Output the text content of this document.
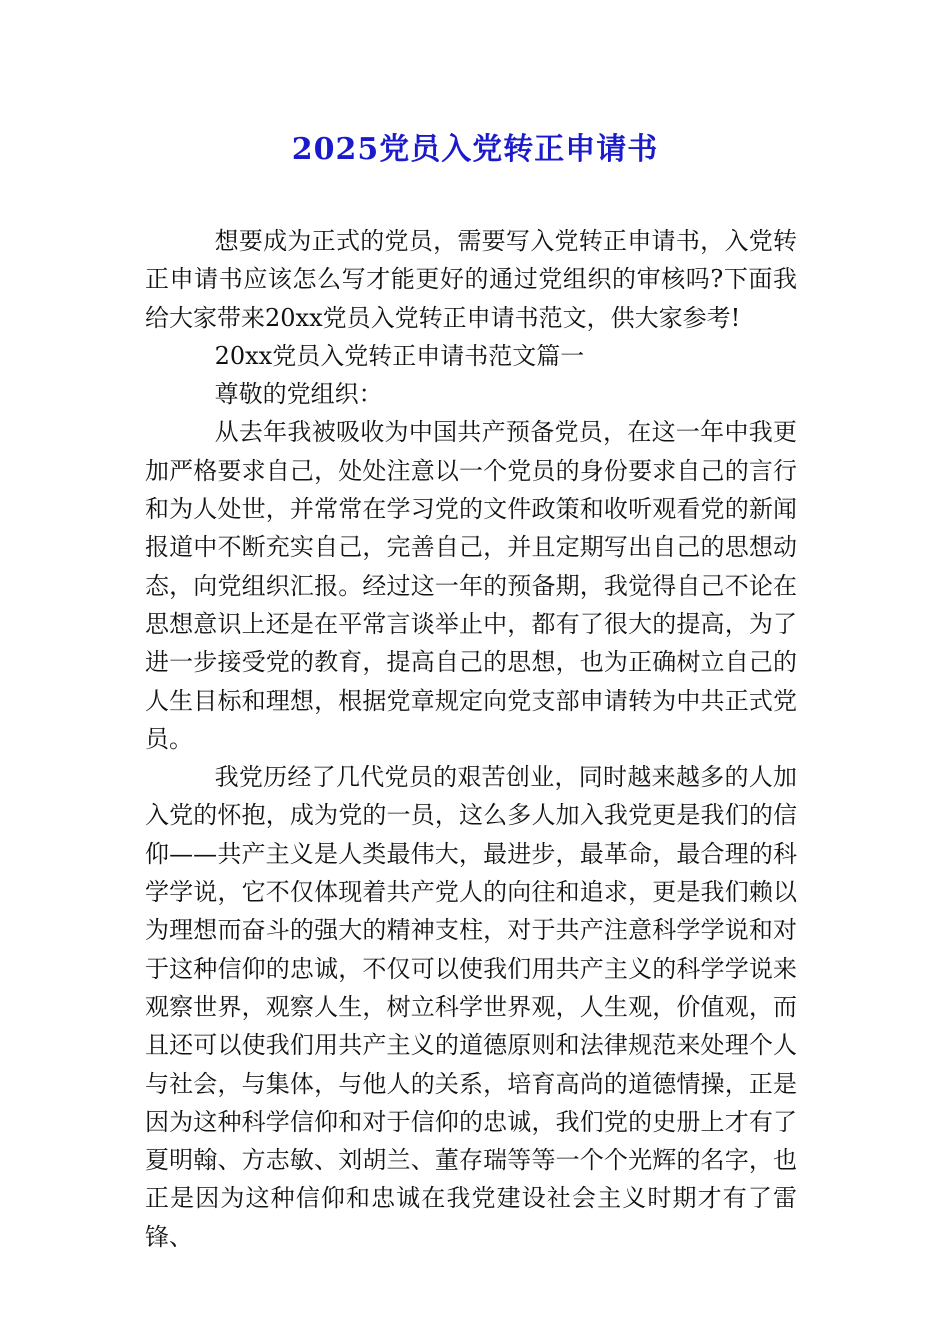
2025党员入党转正申请书

想要成为正式的党员，需要写入党转正申请书，入党转正申请书应该怎么写才能更好的通过党组织的审核吗?下面我给大家带来20xx党员入党转正申请书范文，供大家参考!

20xx党员入党转正申请书范文篇一

尊敬的党组织：

从去年我被吸收为中国共产预备党员，在这一年中我更加严格要求自己，处处注意以一个党员的身份要求自己的言行和为人处世，并常常在学习党的文件政策和收听观看党的新闻报道中不断充实自己，完善自己，并且定期写出自己的思想动态，向党组织汇报。经过这一年的预备期，我觉得自己不论在思想意识上还是在平常言谈举止中，都有了很大的提高，为了进一步接受党的教育，提高自己的思想，也为正确树立自己的人生目标和理想，根据党章规定向党支部申请转为中共正式党员。

我党历经了几代党员的艰苦创业，同时越来越多的人加入党的怀抱，成为党的一员，这么多人加入我党更是我们的信仰——共产主义是人类最伟大，最进步，最革命，最合理的科学学说，它不仅体现着共产党人的向往和追求，更是我们赖以为理想而奋斗的强大的精神支柱，对于共产注意科学学说和对于这种信仰的忠诚，不仅可以使我们用共产主义的科学学说来观察世界，观察人生，树立科学世界观，人生观，价值观，而且还可以使我们用共产主义的道德原则和法律规范来处理个人与社会，与集体，与他人的关系，培育高尚的道德情操，正是因为这种科学信仰和对于信仰的忠诚，我们党的史册上才有了夏明翰、方志敏、刘胡兰、董存瑞等等一个个光辉的名字，也正是因为这种信仰和忠诚在我党建设社会主义时期才有了雷锋、
